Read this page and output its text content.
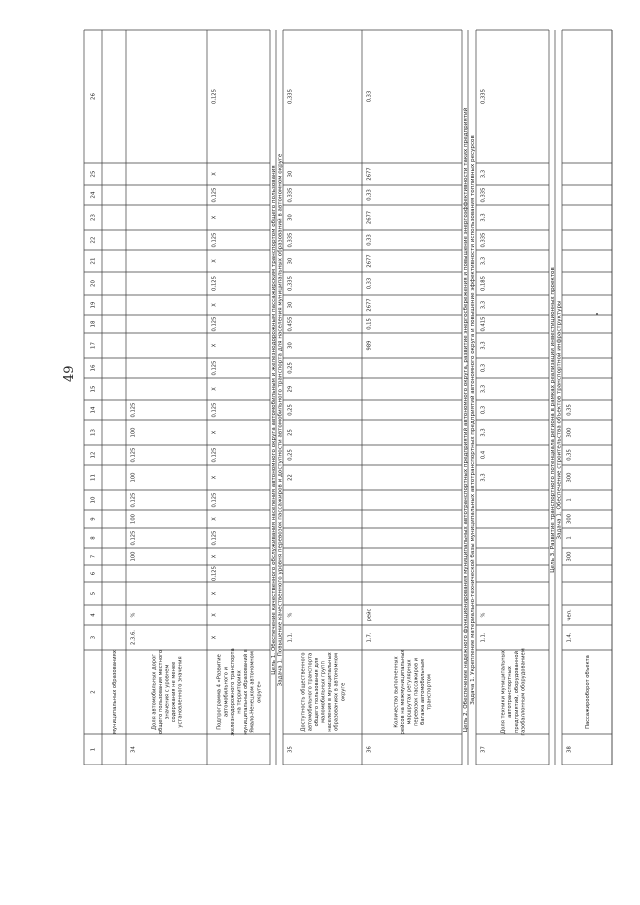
49
1
2
3
4
5
6
7
8
9
10
11
12
13
14
15
16
17
18
19
20
21
22
23
24
25
26
муниципальных образованиях
34
Доля автомобильных дорогобщего пользования местногозначения с уровнемсодержания не менееустановленного значения
2.3.6.
%
100
0,125
100
0,125
100
0,125
100
0,125
Подпрограмма 4 «Развитиеавтомобильного ижелезнодорожного транспортана территорияхмуниципальных образований вЯмало-Ненецком автономномокруге»
X
X
X
0,125
X
0,125
X
0,125
X
0,125
X
0,125
X
0,125
X
0,125
X
0,125
X
0,125
X
0,125
X
0,125
Цель 1. Обеспечение качественного обслуживания населения автономного округа автомобильным и железнодорожным пассажирским транспортом общего пользования Задача 1. Повышение качественного уровня перевозок пассажиров и доступности автомобильного транспорта для населения муниципальных образований в автономном округе
35
Доступность общественногоавтомобильного транспортаобщего пользования длямаломобильных группнаселения в муниципальныхобразованиях в автономномокруге
1.1.
%
22
0,25
25
0,25
29
0,25
30
0,455
30
0,335
30
0,335
30
0,335
30
0,335
36
Количество выполненныхрейсов на межмуниципальныхмаршрутах регулярныхперевозок пассажиров ибагажа автомобильнымтранспортом
1.7.
рейс
989
0,15
2677
0,33
2677
0,33
2677
0,33
2677
0,33
Цель 2. Обеспечение надежного функционирования муниципальных автотранспортных предприятий автономного округа, развитие энергосбережения и повышение энергоэффективности таких предприятий Задача 1. Укрепление материально-технической базы муниципальных автотранспортных предприятий автономного округа и повышение эффективности использования топливных ресурсов
37
Доля техники муниципальныхавтотранспортныхпредприятий, оборудованнойгазобаллонным оборудованием
1.1.
%
3,3
0,4
3,3
0,3
3,3
0,3
3,3
0,415
3,3
0,185
3,3
0,335
3,3
0,335
3,3
0,335
Цель 3. Развитие транспортного потенциала региона в рамках реализации инвестиционных проектов Задача 1. Обеспечение строительства объектов транспортной инфраструктуры
38
Пассажирооборот объекта
1.4.
чел.
300
1
300
1
300
0,35
300
0,35
